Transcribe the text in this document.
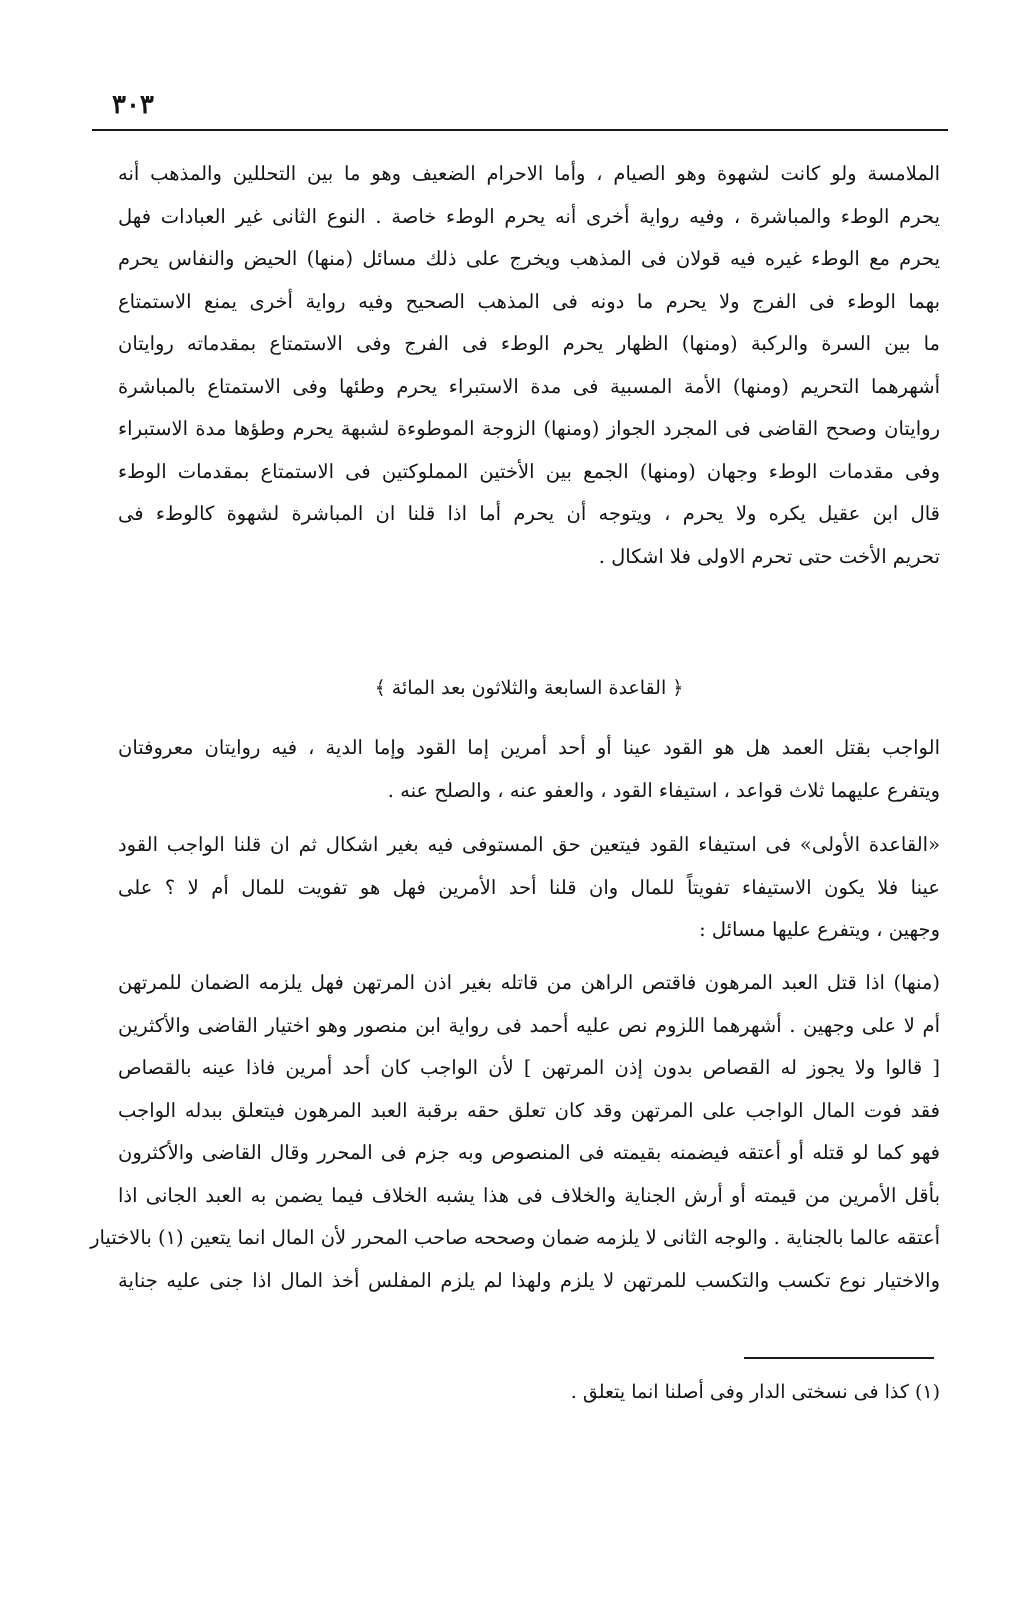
٣٠٣
الملامسة ولو كانت لشهوة وهو الصيام ، وأما الاحرام الضعيف وهو ما بين التحللين والمذهب أنه
يحرم الوطء والمباشرة ، وفيه رواية أخرى أنه يحرم الوطء خاصة . النوع الثانى غير العبادات فهل
يحرم مع الوطء غيره فيه قولان فى المذهب ويخرج على ذلك مسائل (منها) الحيض والنفاس يحرم
بهما الوطء فى الفرج ولا يحرم ما دونه فى المذهب الصحيح وفيه رواية أخرى يمنع الاستمتاع
ما بين السرة والركبة (ومنها) الظهار يحرم الوطء فى الفرج وفى الاستمتاع بمقدماته روايتان
أشهرهما التحريم (ومنها) الأمة المسبية فى مدة الاستبراء يحرم وطئها وفى الاستمتاع بالمباشرة
روايتان وصحح القاضى فى المجرد الجواز (ومنها) الزوجة الموطوءة لشبهة يحرم وطؤها مدة الاستبراء
وفى مقدمات الوطء وجهان (ومنها) الجمع بين الأختين المملوكتين فى الاستمتاع بمقدمات الوطء
قال ابن عقيل يكره ولا يحرم ، ويتوجه أن يحرم أما اذا قلنا ان المباشرة لشهوة كالوطء فى
تحريم الأخت حتى تحرم الاولى فلا اشكال .
﴿ القاعدة السابعة والثلاثون بعد المائة ﴾
الواجب بقتل العمد هل هو القود عينا أو أحد أمرين إما القود وإما الدية ، فيه روايتان معروفتان
ويتفرع عليهما ثلاث قواعد ، استيفاء القود ، والعفو عنه ، والصلح عنه .
«القاعدة الأولى» فى استيفاء القود فيتعين حق المستوفى فيه بغير اشكال ثم ان قلنا الواجب القود
عينا فلا يكون الاستيفاء تفويتاً للمال وان قلنا أحد الأمرين فهل هو تفويت للمال أم لا ؟ على
وجهين ، ويتفرع عليها مسائل :
(منها) اذا قتل العبد المرهون فاقتص الراهن من قاتله بغير اذن المرتهن فهل يلزمه الضمان للمرتهن
أم لا على وجهين . أشهرهما اللزوم نص عليه أحمد فى رواية ابن منصور وهو اختيار القاضى والأكثرين
[ قالوا ولا يجوز له القصاص بدون إذن المرتهن ] لأن الواجب كان أحد أمرين فاذا عينه بالقصاص
فقد فوت المال الواجب على المرتهن وقد كان تعلق حقه برقبة العبد المرهون فيتعلق ببدله الواجب
فهو كما لو قتله أو أعتقه فيضمنه بقيمته فى المنصوص وبه جزم فى المحرر وقال القاضى والأكثرون
بأقل الأمرين من قيمته أو أرش الجناية والخلاف فى هذا يشبه الخلاف فيما يضمن به العبد الجانى اذا
أعتقه عالما بالجناية . والوجه الثانى لا يلزمه ضمان وصححه صاحب المحرر لأن المال انما يتعين (١) بالاختيار
والاختيار نوع تكسب والتكسب للمرتهن لا يلزم ولهذا لم يلزم المفلس أخذ المال اذا جنى عليه جناية
(١) كذا فى نسختى الدار وفى أصلنا انما يتعلق .
